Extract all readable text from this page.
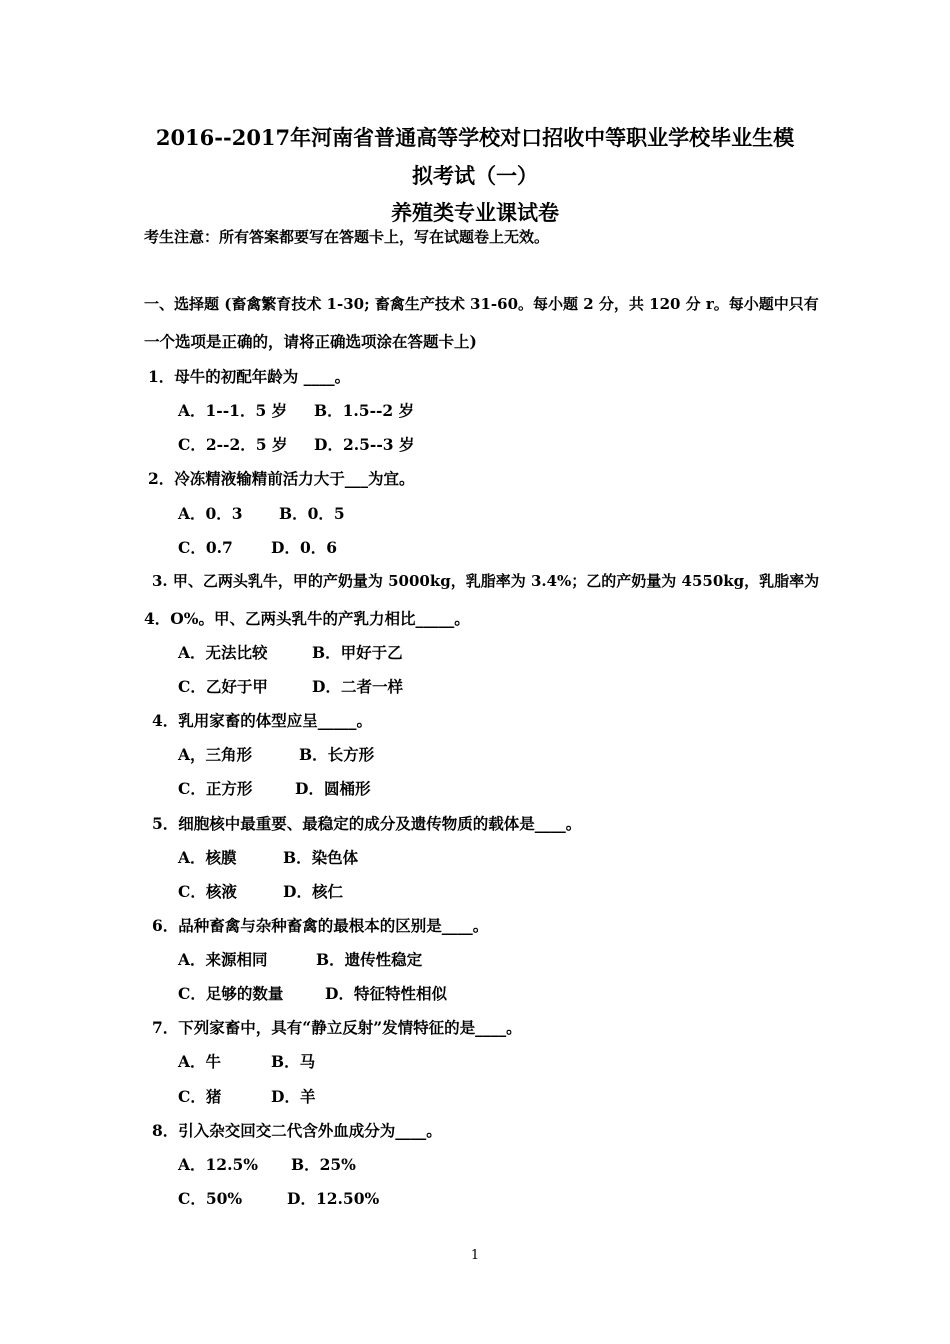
2016--2017年河南省普通高等学校对口招收中等职业学校毕业生模
拟考试（一）
养殖类专业课试卷
考生注意：所有答案都要写在答题卡上，写在试题卷上无效。
一、选择题 (畜禽繁育技术 1-30; 畜禽生产技术 31-60。每小题 2 分，共 120 分 r。每小题中只有
一个选项是正确的，请将正确选项涂在答题卡上)
1．母牛的初配年龄为 ____。
A．1--1．5 岁 B．1.5--2 岁
C．2--2．5 岁 D．2.5--3 岁
2．冷冻精液输精前活力大于___为宜。
A．0．3 B．0．5
C．0.7 D．0．6
3. 甲、乙两头乳牛，甲的产奶量为 5000kg，乳脂率为 3.4%；乙的产奶量为 4550kg，乳脂率为
4．O%。甲、乙两头乳牛的产乳力相比_____。
A．无法比较	B．甲好于乙
C．乙好于甲	D．二者一样
4．乳用家畜的体型应呈_____。
A，三角形	B．长方形
C．正方形	D．圆桶形
5．细胞核中最重要、最稳定的成分及遗传物质的载体是____。
A．核膜	B．染色体
C．核液	D．核仁
6．品种畜禽与杂种畜禽的最根本的区别是____。
A．来源相同	B．遗传性稳定
C．足够的数量	D．特征特性相似
7．下列家畜中，具有“静立反射”发情特征的是____。
A．牛	B．马
C．猪	D．羊
8．引入杂交回交二代含外血成分为____。
A．12.5% B．25%
C．50%	D．12.50%
1
